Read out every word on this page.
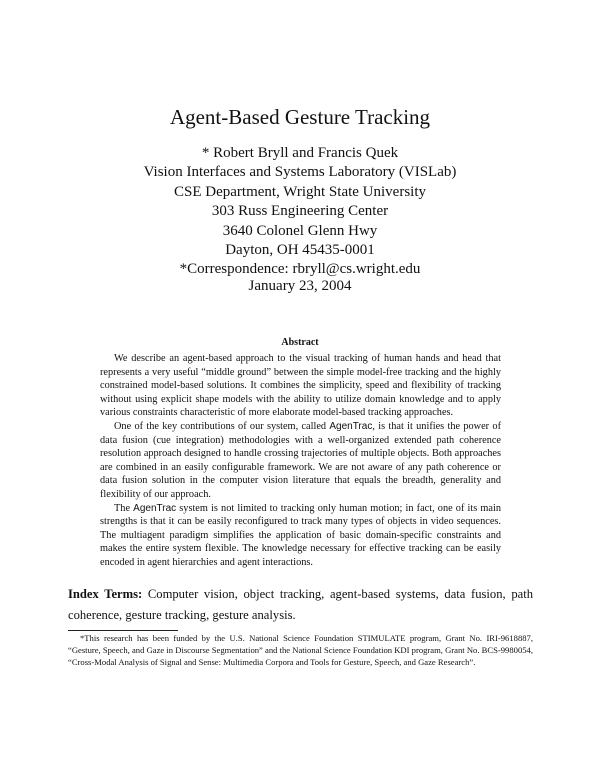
Agent-Based Gesture Tracking
* Robert Bryll and Francis Quek
Vision Interfaces and Systems Laboratory (VISLab)
CSE Department, Wright State University
303 Russ Engineering Center
3640 Colonel Glenn Hwy
Dayton, OH 45435-0001
*Correspondence: rbryll@cs.wright.edu
January 23, 2004
Abstract

We describe an agent-based approach to the visual tracking of human hands and head that represents a very useful “middle ground” between the simple model-free tracking and the highly constrained model-based solutions. It combines the simplicity, speed and flexibility of tracking without using explicit shape models with the ability to utilize domain knowledge and to apply various constraints characteristic of more elaborate model-based tracking approaches.

One of the key contributions of our system, called AgenTrac, is that it unifies the power of data fusion (cue integration) methodologies with a well-organized extended path coherence resolution approach designed to handle crossing trajectories of multiple objects. Both approaches are combined in an easily configurable framework. We are not aware of any path coherence or data fusion solution in the computer vision literature that equals the breadth, generality and flexibility of our approach.

The AgenTrac system is not limited to tracking only human motion; in fact, one of its main strengths is that it can be easily reconfigured to track many types of objects in video sequences. The multiagent paradigm simplifies the application of basic domain-specific constraints and makes the entire system flexible. The knowledge necessary for effective tracking can be easily encoded in agent hierarchies and agent interactions.

Index Terms: Computer vision, object tracking, agent-based systems, data fusion, path coherence, gesture tracking, gesture analysis.

*This research has been funded by the U.S. National Science Foundation STIMULATE program, Grant No. IRI-9618887, “Gesture, Speech, and Gaze in Discourse Segmentation” and the National Science Foundation KDI program, Grant No. BCS-9980054, “Cross-Modal Analysis of Signal and Sense: Multimedia Corpora and Tools for Gesture, Speech, and Gaze Research”.
